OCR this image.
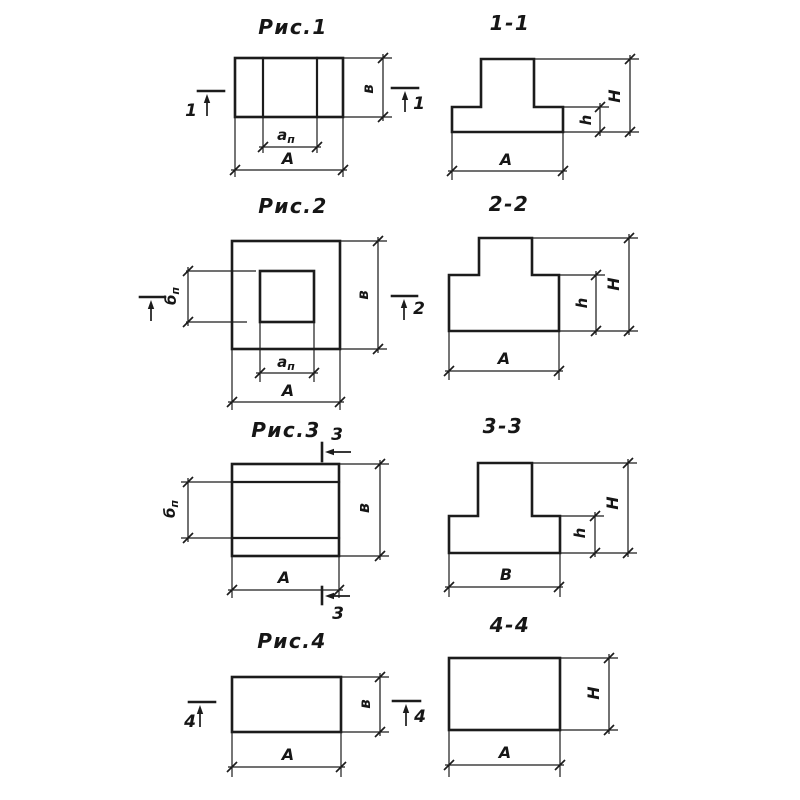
Рис.1
в
$а_п$
А
1	1
1-1
Н
h
А
Рис.2
$б_п$	в
$а_п$
А
2
2-2
Н
h
А
Рис.3
$б_п$	в
А
3
3
3-3
Н
h
В
Рис.4
в
А
4	4
4-4
Н
А
